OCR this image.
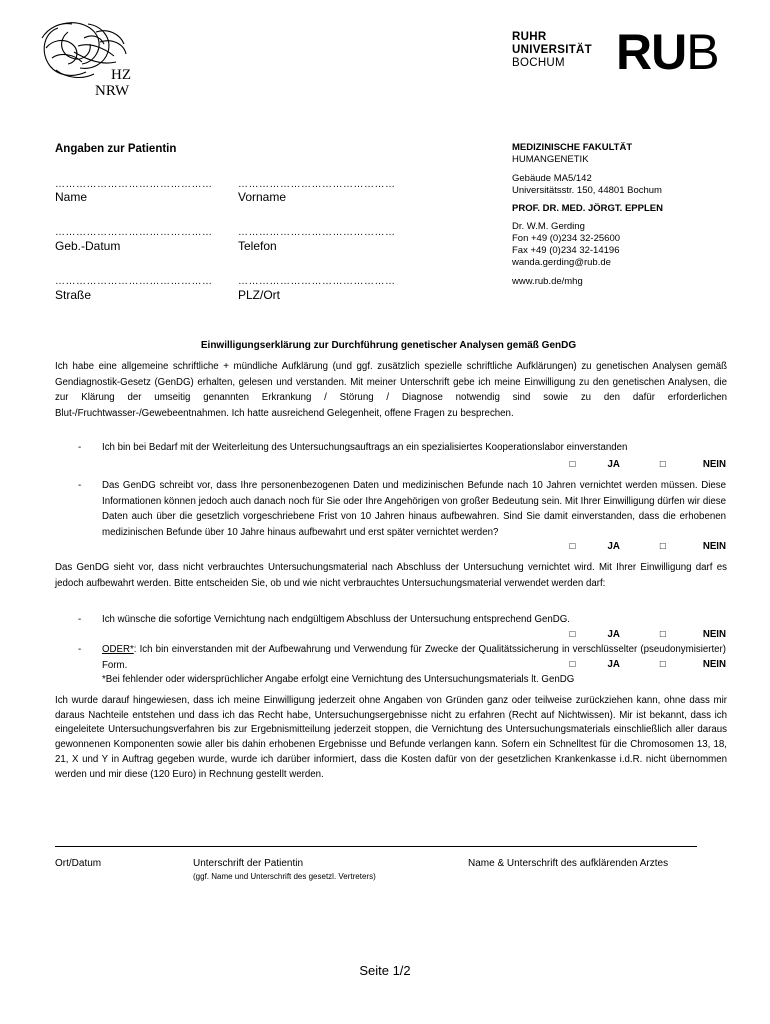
HZ
NRW
RUHR
UNIVERSITÄT
BOCHUM	RUB
Angaben zur Patientin
………………………………………
Name
………………………………………
Vorname
………………………………………
Geb.-Datum
………………………………………
Telefon
………………………………………
Straße
………………………………………
PLZ/Ort
MEDIZINISCHE FAKULTÄT
HUMANGENETIK
Gebäude MA5/142
Universitätsstr. 150, 44801 Bochum
PROF. DR. MED. JÖRGT. EPPLEN
Dr. W.M. Gerding
Fon +49 (0)234 32-25600
Fax +49 (0)234 32-14196
wanda.gerding@rub.de
www.rub.de/mhg
Einwilligungserklärung zur Durchführung genetischer Analysen gemäß GenDG
Ich habe eine allgemeine schriftliche + mündliche Aufklärung (und ggf. zusätzlich spezielle schriftliche Aufklärungen) zu genetischen Analysen gemäß Gendiagnostik-Gesetz (GenDG) erhalten, gelesen und verstanden. Mit meiner Unterschrift gebe ich meine Einwilligung zu den genetischen Analysen, die zur Klärung der umseitig genannten Erkrankung / Störung / Diagnose notwendig sind sowie zu den dafür erforderlichen Blut-/Fruchtwasser-/Gewebeentnahmen. Ich hatte ausreichend Gelegenheit, offene Fragen zu besprechen.
- Ich bin bei Bedarf mit der Weiterleitung des Untersuchungsauftrags an ein spezialisiertes Kooperationslabor einverstanden
□	JA	□	NEIN
- Das GenDG schreibt vor, dass Ihre personenbezogenen Daten und medizinischen Befunde nach 10 Jahren vernichtet werden müssen. Diese Informationen können jedoch auch danach noch für Sie oder Ihre Angehörigen von großer Bedeutung sein. Mit Ihrer Einwilligung dürfen wir diese Daten auch über die gesetzlich vorgeschriebene Frist von 10 Jahren hinaus aufbewahren. Sind Sie damit einverstanden, dass die erhobenen medizinischen Befunde über 10 Jahre hinaus aufbewahrt und erst später vernichtet werden?
□	JA	□	NEIN
Das GenDG sieht vor, dass nicht verbrauchtes Untersuchungsmaterial nach Abschluss der Untersuchung vernichtet wird. Mit Ihrer Einwilligung darf es jedoch aufbewahrt werden. Bitte entscheiden Sie, ob und wie nicht verbrauchtes Untersuchungsmaterial verwendet werden darf:
- Ich wünsche die sofortige Vernichtung nach endgültigem Abschluss der Untersuchung entsprechend GenDG.
□	JA	□	NEIN
- ODER*: Ich bin einverstanden mit der Aufbewahrung und Verwendung für Zwecke der Qualitätssicherung in verschlüsselter (pseudonymisierter) Form.	□	JA	□	NEIN
*Bei fehlender oder widersprüchlicher Angabe erfolgt eine Vernichtung des Untersuchungsmaterials lt. GenDG
Ich wurde darauf hingewiesen, dass ich meine Einwilligung jederzeit ohne Angaben von Gründen ganz oder teilweise zurückziehen kann, ohne dass mir daraus Nachteile entstehen und dass ich das Recht habe, Untersuchungsergebnisse nicht zu erfahren (Recht auf Nichtwissen). Mir ist bekannt, dass ich eingeleitete Untersuchungsverfahren bis zur Ergebnismitteilung jederzeit stoppen, die Vernichtung des Untersuchungsmaterials einschließlich aller daraus gewonnenen Komponenten sowie aller bis dahin erhobenen Ergebnisse und Befunde verlangen kann. Sofern ein Schnelltest für die Chromosomen 13, 18, 21, X und Y in Auftrag gegeben wurde, wurde ich darüber informiert, dass die Kosten dafür von der gesetzlichen Krankenkasse i.d.R. nicht übernommen werden und mir diese (120 Euro) in Rechnung gestellt werden.
Ort/Datum	Unterschrift der Patientin
(ggf. Name und Unterschrift des gesetzl. Vertreters)
Name & Unterschrift des aufklärenden Arztes
Seite 1/2
